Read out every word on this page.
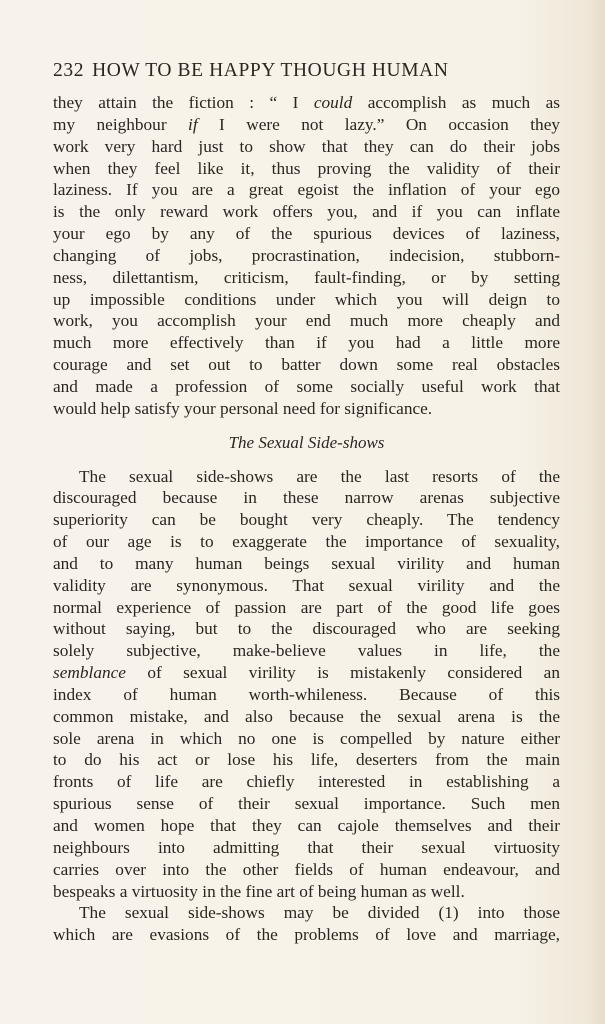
232 HOW TO BE HAPPY THOUGH HUMAN
they attain the fiction : “ I could accomplish as much as
my neighbour if I were not lazy.” On occasion they
work very hard just to show that they can do their jobs
when they feel like it, thus proving the validity of their
laziness. If you are a great egoist the inflation of your ego
is the only reward work offers you, and if you can inflate
your ego by any of the spurious devices of laziness,
changing of jobs, procrastination, indecision, stubborn-
ness, dilettantism, criticism, fault-finding, or by setting
up impossible conditions under which you will deign to
work, you accomplish your end much more cheaply and
much more effectively than if you had a little more
courage and set out to batter down some real obstacles
and made a profession of some socially useful work that
would help satisfy your personal need for significance.
The Sexual Side-shows
The sexual side-shows are the last resorts of the
discouraged because in these narrow arenas subjective
superiority can be bought very cheaply. The tendency
of our age is to exaggerate the importance of sexuality,
and to many human beings sexual virility and human
validity are synonymous. That sexual virility and the
normal experience of passion are part of the good life goes
without saying, but to the discouraged who are seeking
solely subjective, make-believe values in life, the
semblance of sexual virility is mistakenly considered an
index of human worth-whileness. Because of this
common mistake, and also because the sexual arena is the
sole arena in which no one is compelled by nature either
to do his act or lose his life, deserters from the main
fronts of life are chiefly interested in establishing a
spurious sense of their sexual importance. Such men
and women hope that they can cajole themselves and their
neighbours into admitting that their sexual virtuosity
carries over into the other fields of human endeavour, and
bespeaks a virtuosity in the fine art of being human as well.
The sexual side-shows may be divided (1) into those
which are evasions of the problems of love and marriage,
